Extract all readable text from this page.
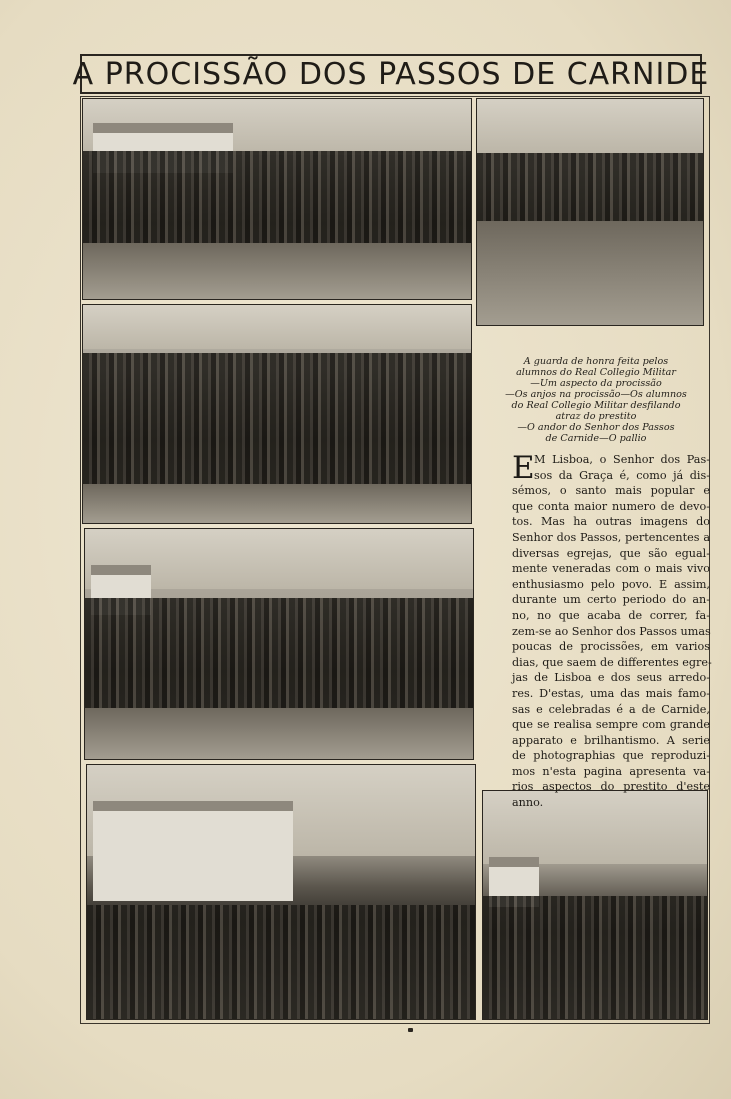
A PROCISSÃO DOS PASSOS DE CARNIDE
A guarda de honra feita pelos
alumnos do Real Collegio Militar
—Um aspecto da procissão
—Os anjos na procissão—Os alumnos
do Real Collegio Militar desfilando
atraz do prestito
—O andor do Senhor dos Passos
de Carnide—O pallio
E M Lisboa, o Senhor dos Pas-
sos da Graça é, como já dis-
sémos, o santo mais popular e
que conta maior numero de devo-
tos. Mas ha outras imagens do
Senhor dos Passos, pertencentes a
diversas egrejas, que são egual-
mente veneradas com o mais vivo
enthusiasmo pelo povo. E assim,
durante um certo periodo do an-
no, no que acaba de correr, fa-
zem-se ao Senhor dos Passos umas
poucas de procissões, em varios
dias, que saem de differentes egre-
jas de Lisboa e dos seus arredo-
res. D'estas, uma das mais famo-
sas e celebradas é a de Carnide,
que se realisa sempre com grande
apparato e brilhantismo. A serie
de photographias que reproduzi-
mos n'esta pagina apresenta va-
rios aspectos do prestito d'este
anno.
